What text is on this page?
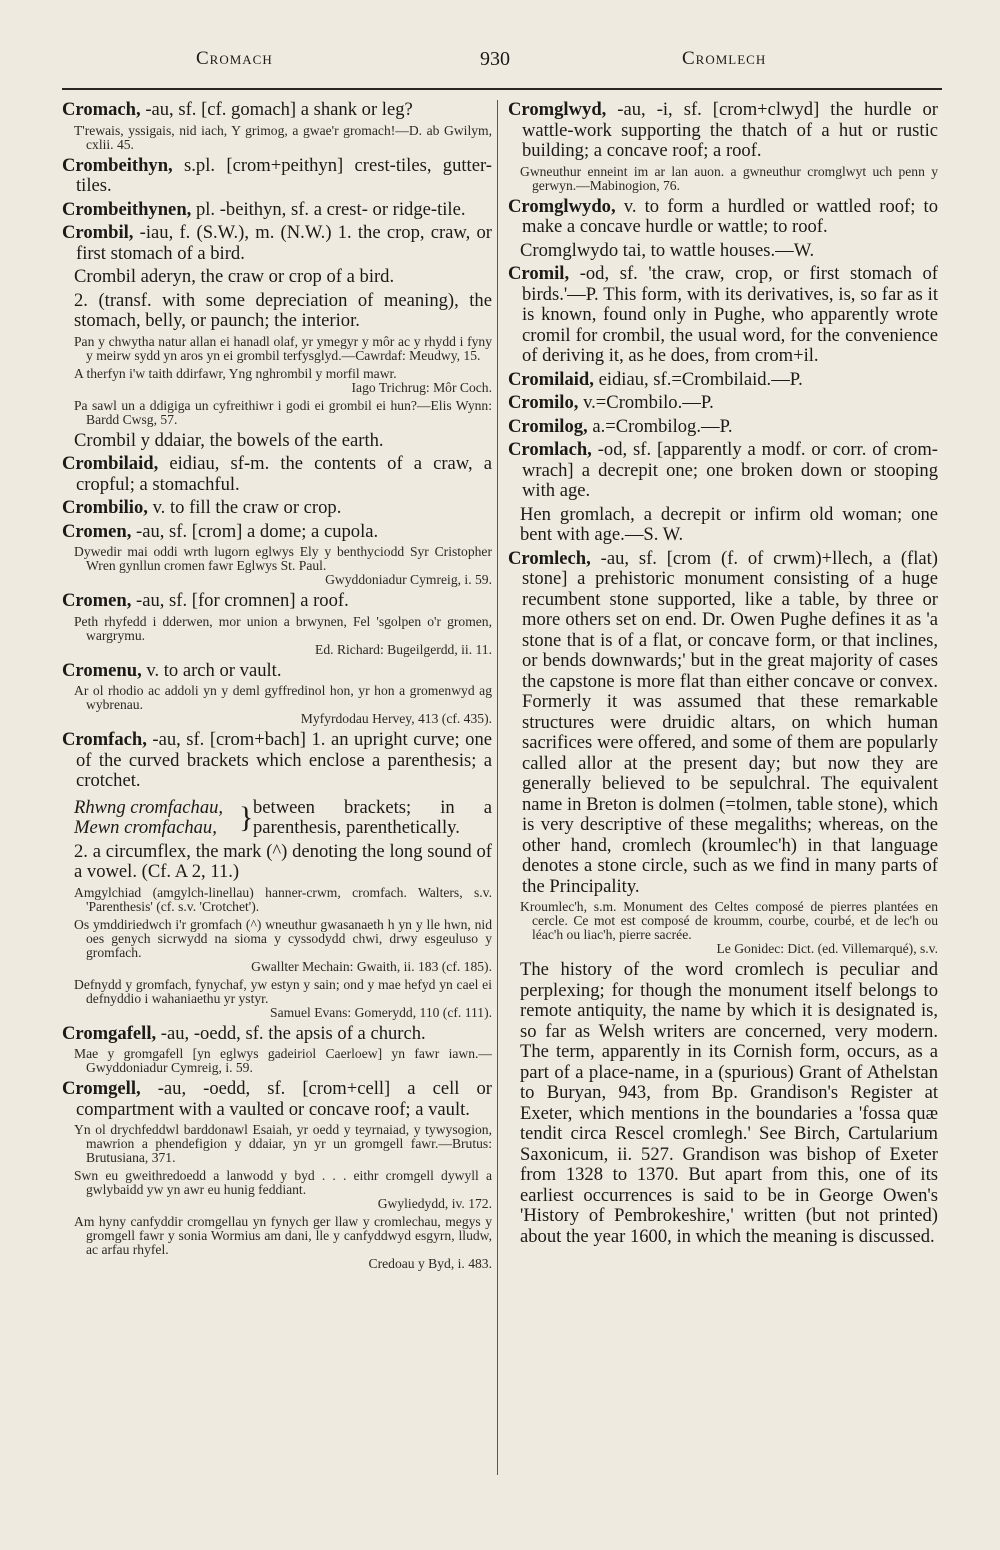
Cromach	930	Cromlech

Cromach, -au, sf. [cf. gomach] a shank or leg?

T'rewais, yssigais, nid iach, Y grimog, a gwae'r gromach!—D. ab Gwilym, cxlii. 45.

Crombeithyn, s.pl. [crom+peithyn] crest-tiles, gutter-tiles.

Crombeithynen, pl. -beithyn, sf. a crest- or ridge-tile.

Crombil, -iau, f. (S.W.), m. (N.W.) 1. the crop, craw, or first stomach of a bird.

Crombil aderyn, the craw or crop of a bird.

2. (transf. with some depreciation of meaning), the stomach, belly, or paunch; the interior.

Pan y chwytha natur allan ei hanadl olaf, yr ymegyr y môr ac y rhydd i fyny y meirw sydd yn aros yn ei grombil terfysglyd.—Cawrdaf: Meudwy, 15.

A therfyn i'w taith ddirfawr, Yng nghrombil y morfil mawr.
Iago Trichrug: Môr Coch.

Pa sawl un a ddigiga un cyfreithiwr i godi ei grombil ei hun?—Elis Wynn: Bardd Cwsg, 57.

Crombil y ddaiar, the bowels of the earth.

Crombilaid, eidiau, sf-m. the contents of a craw, a cropful; a stomachful.

Crombilio, v. to fill the craw or crop.

Cromen, -au, sf. [crom] a dome; a cupola.

Dywedir mai oddi wrth lugorn eglwys Ely y benthyciodd Syr Cristopher Wren gynllun cromen fawr Eglwys St. Paul.
Gwyddoniadur Cymreig, i. 59.

Cromen, -au, sf. [for cromnen] a roof.

Peth rhyfedd i dderwen, mor union a brwynen, Fel 'sgolpen o'r gromen, wargrymu.
Ed. Richard: Bugeilgerdd, ii. 11.

Cromenu, v. to arch or vault.

Ar ol rhodio ac addoli yn y deml gyffredinol hon, yr hon a gromenwyd ag wybrenau.
Myfyrdodau Hervey, 413 (cf. 435).

Cromfach, -au, sf. [crom+bach] 1. an upright curve; one of the curved brackets which enclose a parenthesis; a crotchet.

Rhwng cromfachau,
Mewn cromfachau, } between brackets; in a parenthesis, parenthetically.

2. a circumflex, the mark (^) denoting the long sound of a vowel. (Cf. A 2, 11.)

Amgylchiad (amgylch-linellau) hanner-crwm, cromfach. Walters, s.v. 'Parenthesis' (cf. s.v. 'Crotchet').

Os ymddiriedwch i'r gromfach (^) wneuthur gwasanaeth h yn y lle hwn, nid oes genych sicrwydd na sioma y cyssodydd chwi, drwy esgeulusо y gromfach.
Gwallter Mechain: Gwaith, ii. 183 (cf. 185).

Defnydd y gromfach, fynychaf, yw estyn y sain; ond y mae hefyd yn cael ei defnyddio i wahaniaethu yr ystyr.
Samuel Evans: Gomerydd, 110 (cf. 111).

Cromgafell, -au, -oedd, sf. the apsis of a church.

Mae y gromgafell [yn eglwys gadeiriol Caerloew] yn fawr iawn.—Gwyddoniadur Cymreig, i. 59.

Cromgell, -au, -oedd, sf. [crom+cell] a cell or compartment with a vaulted or concave roof; a vault.

Yn ol drychfeddwl barddonawl Esaiah, yr oedd y teyrnaiad, y tywysogion, mawrion a phendefigion y ddaiar, yn yr un gromgell fawr.—Brutus: Brutusiana, 371.

Swn eu gweithredoedd a lanwodd y byd . . . eithr cromgell dywyll a gwlybaidd yw yn awr eu hunig feddiant.
Gwyliedydd, iv. 172.

Am hyny canfyddir cromgellau yn fynych ger llaw y cromlechau, megys y gromgell fawr y sonia Wormius am dani, lle y canfyddwyd esgyrn, lludw, ac arfau rhyfel.
Credoau y Byd, i. 483.

Cromglwyd, -au, -i, sf. [crom+clwyd] the hurdle or wattle-work supporting the thatch of a hut or rustic building; a concave roof; a roof.

Gwneuthur enneint im ar lan auon. a gwneuthur cromglwyt uch penn y gerwyn.—Mabinogion, 76.

Cromglwydo, v. to form a hurdled or wattled roof; to make a concave hurdle or wattle; to roof.

Cromglwydo tai, to wattle houses.—W.

Cromil, -od, sf. 'the craw, crop, or first stomach of birds.'—P. This form, with its derivatives, is, so far as it is known, found only in Pughe, who apparently wrote cromil for crombil, the usual word, for the convenience of deriving it, as he does, from crom+il.

Cromilaid, eidiau, sf.=Crombilaid.—P.

Cromilo, v.=Crombilo.—P.

Cromilog, a.=Crombilog.—P.

Cromlach, -od, sf. [apparently a modf. or corr. of crom-wrach] a decrepit one; one broken down or stooping with age.

Hen gromlach, a decrepit or infirm old woman; one bent with age.—S. W.

Cromlech, -au, sf. [crom (f. of crwm)+llech, a (flat) stone] a prehistoric monument consisting of a huge recumbent stone supported, like a table, by three or more others set on end. Dr. Owen Pughe defines it as 'a stone that is of a flat, or concave form, or that inclines, or bends downwards;' but in the great majority of cases the capstone is more flat than either concave or convex. Formerly it was assumed that these remarkable structures were druidic altars, on which human sacrifices were offered, and some of them are popularly called allor at the present day; but now they are generally believed to be sepulchral. The equivalent name in Breton is dolmen (=tolmen, table stone), which is very descriptive of these megaliths; whereas, on the other hand, cromlech (kroumlec'h) in that language denotes a stone circle, such as we find in many parts of the Principality.

Kroumlec'h, s.m. Monument des Celtes composé de pierres plantées en cercle. Ce mot est composé de kroumm, courbe, courbé, et de lec'h ou léac'h ou liac'h, pierre sacrée.
Le Gonidec: Dict. (ed. Villemarqué), s.v.

The history of the word cromlech is peculiar and perplexing; for though the monument itself belongs to remote antiquity, the name by which it is designated is, so far as Welsh writers are concerned, very modern. The term, apparently in its Cornish form, occurs, as a part of a place-name, in a (spurious) Grant of Athelstan to Buryan, 943, from Bp. Grandison's Register at Exeter, which mentions in the boundaries a 'fossa quæ tendit circa Rescel cromlegh.' See Birch, Cartularium Saxonicum, ii. 527. Grandison was bishop of Exeter from 1328 to 1370. But apart from this, one of its earliest occurrences is said to be in George Owen's 'History of Pembrokeshire,' written (but not printed) about the year 1600, in which the meaning is discussed.
